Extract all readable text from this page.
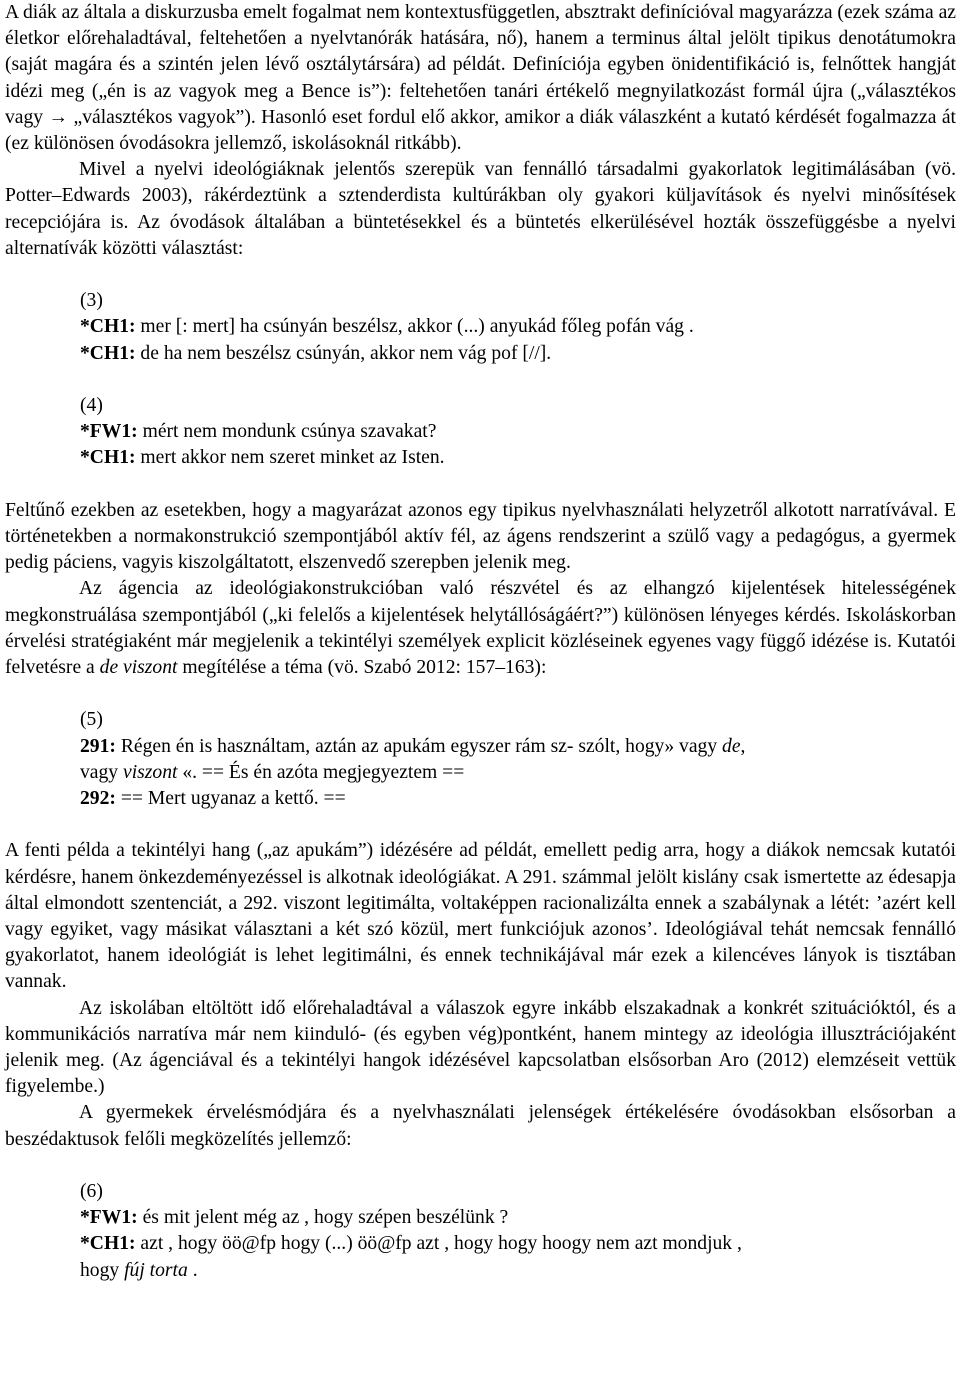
A diák az általa a diskurzusba emelt fogalmat nem kontextusfüggetlen, absztrakt definícióval magyarázza (ezek száma az életkor előrehaladtával, feltehetően a nyelvtanórák hatására, nő), hanem a terminus által jelölt tipikus denotátumokra (saját magára és a szintén jelen lévő osztálytársára) ad példát. Definíciója egyben önidentifikáció is, felnőttek hangját idézi meg („én is az vagyok meg a Bence is”): feltehetően tanári értékelő megnyilatkozást formál újra („választékos vagy → „választékos vagyok”). Hasonló eset fordul elő akkor, amikor a diák válaszként a kutató kérdését fogalmazza át (ez különösen óvodásokra jellemző, iskolásoknál ritkább).

Mivel a nyelvi ideológiáknak jelentős szerepük van fennálló társadalmi gyakorlatok legitimálásában (vö. Potter–Edwards 2003), rákérdeztünk a sztenderdista kultúrákban oly gyakori küljavítások és nyelvi minősítések recepciójára is. Az óvodások általában a büntetésekkel és a büntetés elkerülésével hozták összefüggésbe a nyelvi alternatívák közötti választást:

(3)
*CH1: mer [: mert] ha csúnyán beszélsz, akkor (...) anyukád főleg pofán vág .
*CH1: de ha nem beszélsz csúnyán, akkor nem vág pof [//].
(4)
*FW1: mért nem mondunk csúnya szavakat?
*CH1: mert akkor nem szeret minket az Isten.

Feltűnő ezekben az esetekben, hogy a magyarázat azonos egy tipikus nyelvhasználati helyzetről alkotott narratívával. E történetekben a normakonstrukció szempontjából aktív fél, az ágens rendszerint a szülő vagy a pedagógus, a gyermek pedig páciens, vagyis kiszolgáltatott, elszenvedő szerepben jelenik meg.

Az ágencia az ideológiakonstrukcióban való részvétel és az elhangzó kijelentések hitelességének megkonstruálása szempontjából („ki felelős a kijelentések helytállóságáért?”) különösen lényeges kérdés. Iskoláskorban érvelési stratégiaként már megjelenik a tekintélyi személyek explicit közléseinek egyenes vagy függő idézése is. Kutatói felvetésre a de viszont megítélése a téma (vö. Szabó 2012: 157–163):

(5)
291: Régen én is használtam, aztán az apukám egyszer rám sz- szólt, hogy» vagy de,
vagy viszont «. == És én azóta megjegyeztem ==
292: == Mert ugyanaz a kettő. ==

A fenti példa a tekintélyi hang („az apukám”) idézésére ad példát, emellett pedig arra, hogy a diákok nemcsak kutatói kérdésre, hanem önkezdeményezéssel is alkotnak ideológiákat. A 291. számmal jelölt kislány csak ismertette az édesapja által elmondott szentenciát, a 292. viszont legitimálta, voltaképpen racionalizálta ennek a szabálynak a létét: ’azért kell vagy egyiket, vagy másikat választani a két szó közül, mert funkciójuk azonos’. Ideológiával tehát nemcsak fennálló gyakorlatot, hanem ideológiát is lehet legitimálni, és ennek technikájával már ezek a kilencéves lányok is tisztában vannak.

Az iskolában eltöltött idő előrehaladtával a válaszok egyre inkább elszakadnak a konkrét szituációktól, és a kommunikációs narratíva már nem kiinduló- (és egyben vég)pontként, hanem mintegy az ideológia illusztrációjaként jelenik meg. (Az ágenciával és a tekintélyi hangok idézésével kapcsolatban elsősorban Aro (2012) elemzéseit vettük figyelembe.)

A gyermekek érvelésmódjára és a nyelvhasználati jelenségek értékelésére óvodásokban elsősorban a beszédaktusok felőli megközelítés jellemző:

(6)
*FW1: és mit jelent még az , hogy szépen beszélünk ?
*CH1: azt , hogy öö@fp hogy (...) öö@fp azt , hogy hogy hoogy nem azt mondjuk ,
hogy fúj torta .
